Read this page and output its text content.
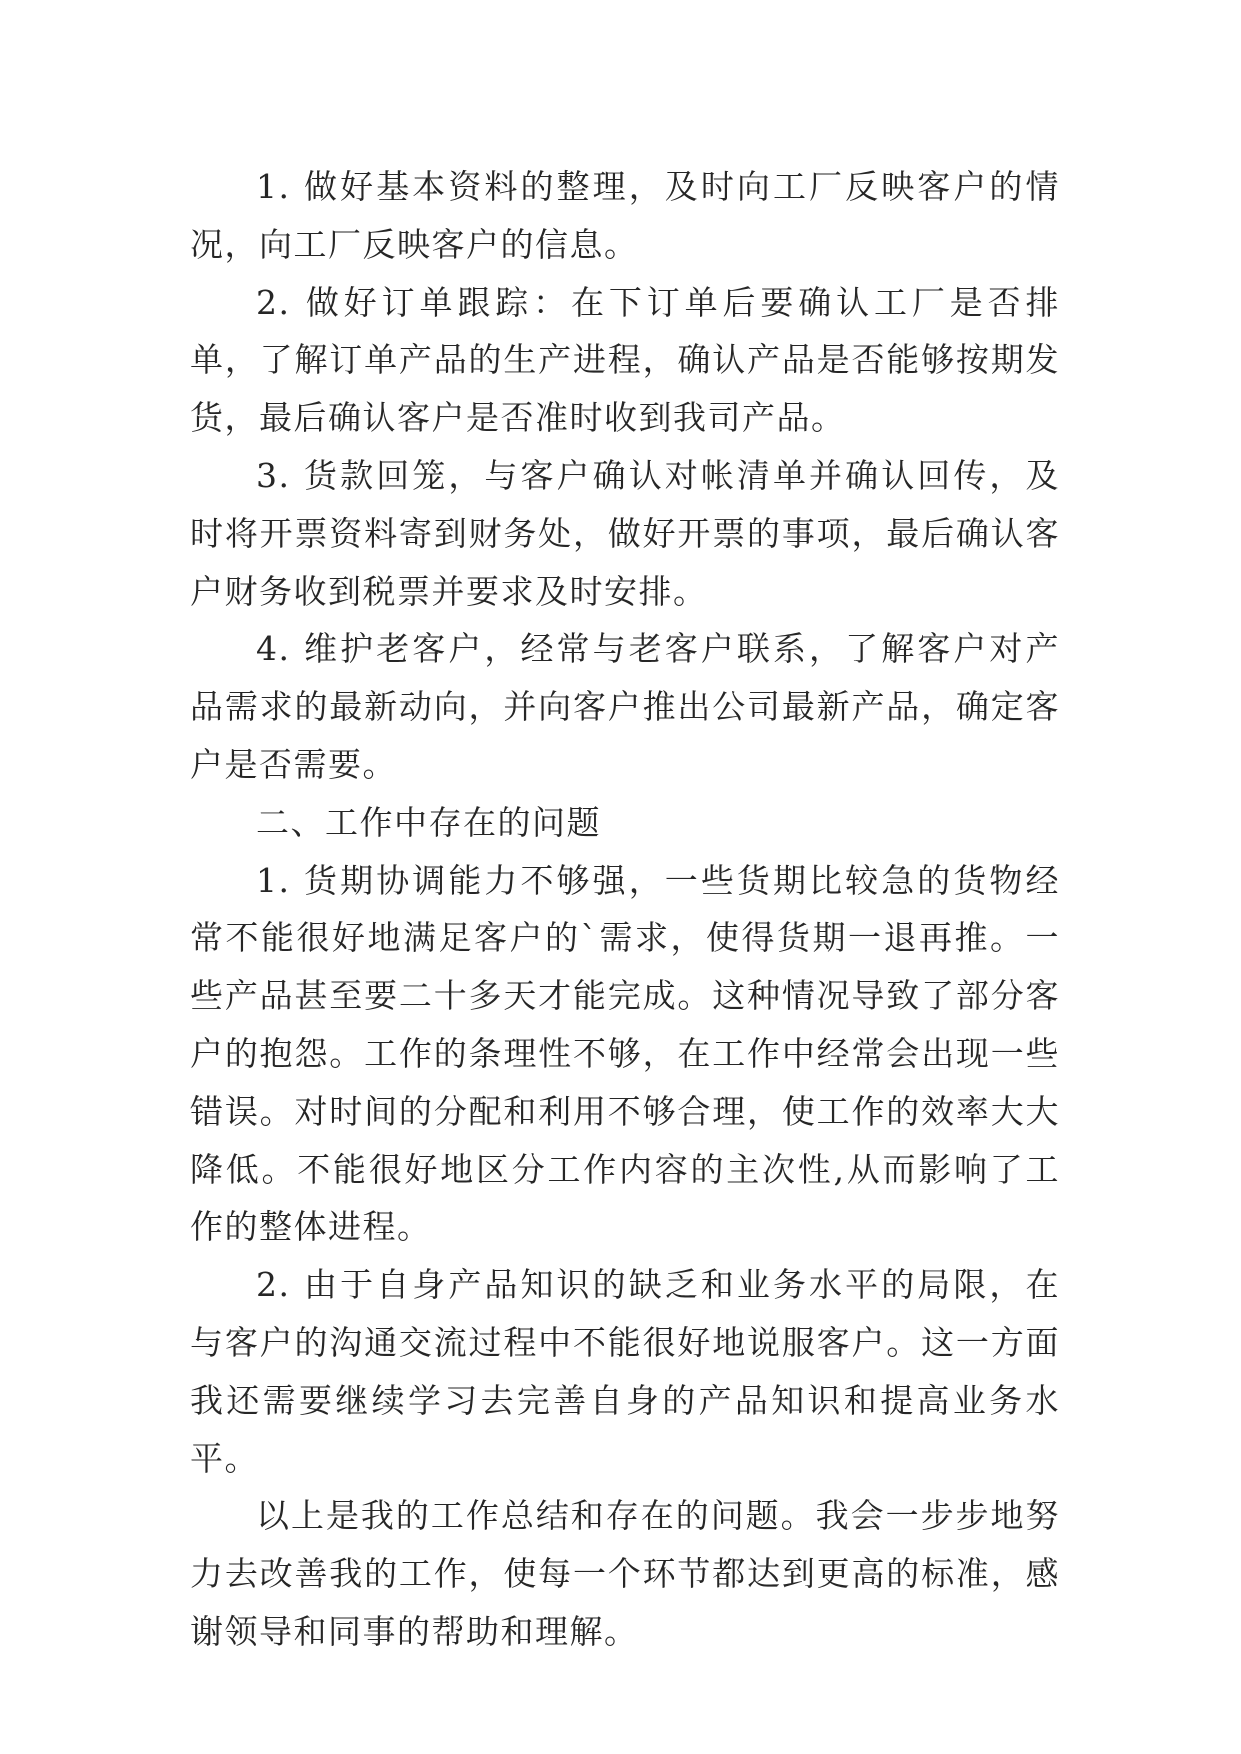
1. 做好基本资料的整理，及时向工厂反映客户的情况，向工厂反映客户的信息。

2. 做好订单跟踪：在下订单后要确认工厂是否排单，了解订单产品的生产进程，确认产品是否能够按期发货，最后确认客户是否准时收到我司产品。

3. 货款回笼，与客户确认对帐清单并确认回传，及时将开票资料寄到财务处，做好开票的事项，最后确认客户财务收到税票并要求及时安排。

4. 维护老客户，经常与老客户联系，了解客户对产品需求的最新动向，并向客户推出公司最新产品，确定客户是否需要。

二、工作中存在的问题

1. 货期协调能力不够强，一些货期比较急的货物经常不能很好地满足客户的`需求，使得货期一退再推。一些产品甚至要二十多天才能完成。这种情况导致了部分客户的抱怨。工作的条理性不够，在工作中经常会出现一些错误。对时间的分配和利用不够合理，使工作的效率大大降低。不能很好地区分工作内容的主次性,从而影响了工作的整体进程。

2. 由于自身产品知识的缺乏和业务水平的局限，在与客户的沟通交流过程中不能很好地说服客户。这一方面我还需要继续学习去完善自身的产品知识和提高业务水平。

以上是我的工作总结和存在的问题。我会一步步地努力去改善我的工作，使每一个环节都达到更高的标准，感谢领导和同事的帮助和理解。
